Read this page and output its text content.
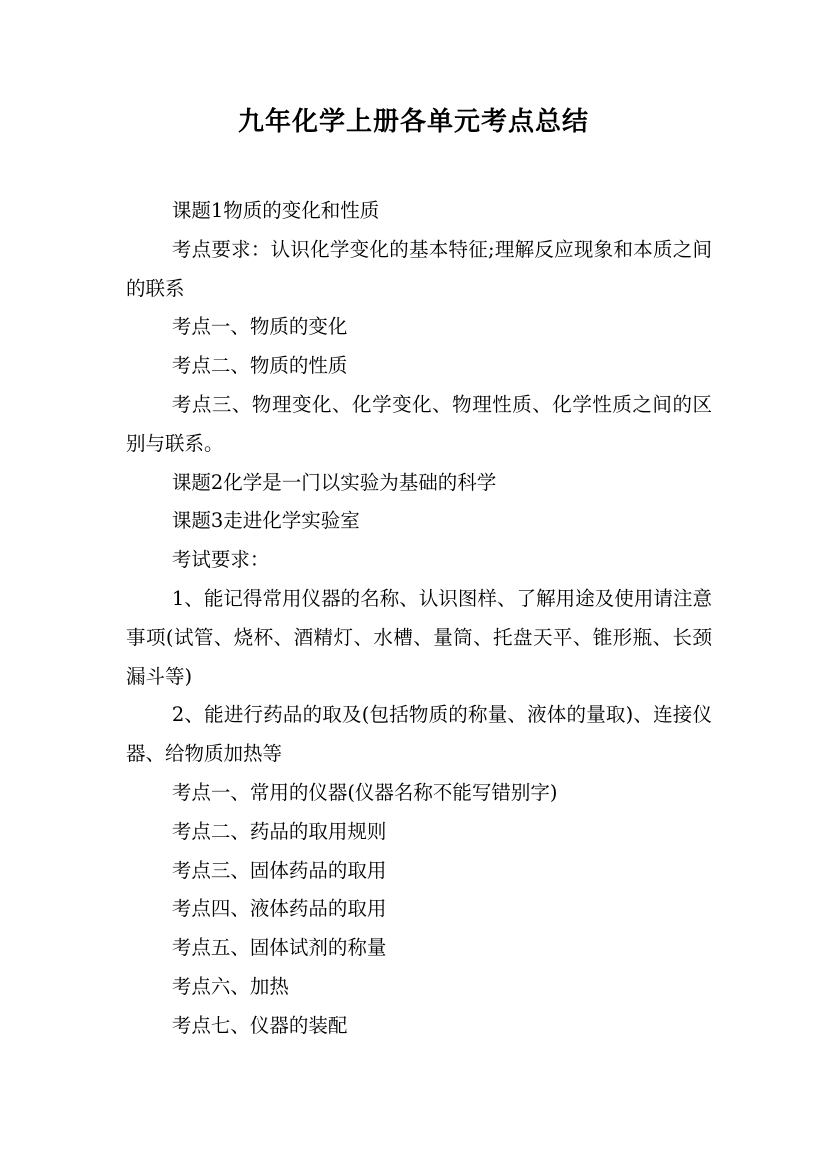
九年化学上册各单元考点总结

课题1物质的变化和性质

考点要求：认识化学变化的基本特征;理解反应现象和本质之间的联系

考点一、物质的变化

考点二、物质的性质

考点三、物理变化、化学变化、物理性质、化学性质之间的区别与联系。

课题2化学是一门以实验为基础的科学

课题3走进化学实验室

考试要求：

1、能记得常用仪器的名称、认识图样、了解用途及使用请注意事项(试管、烧杯、酒精灯、水槽、量筒、托盘天平、锥形瓶、长颈漏斗等)

2、能进行药品的取及(包括物质的称量、液体的量取)、连接仪器、给物质加热等

考点一、常用的仪器(仪器名称不能写错别字)

考点二、药品的取用规则

考点三、固体药品的取用

考点四、液体药品的取用

考点五、固体试剂的称量

考点六、加热

考点七、仪器的装配
